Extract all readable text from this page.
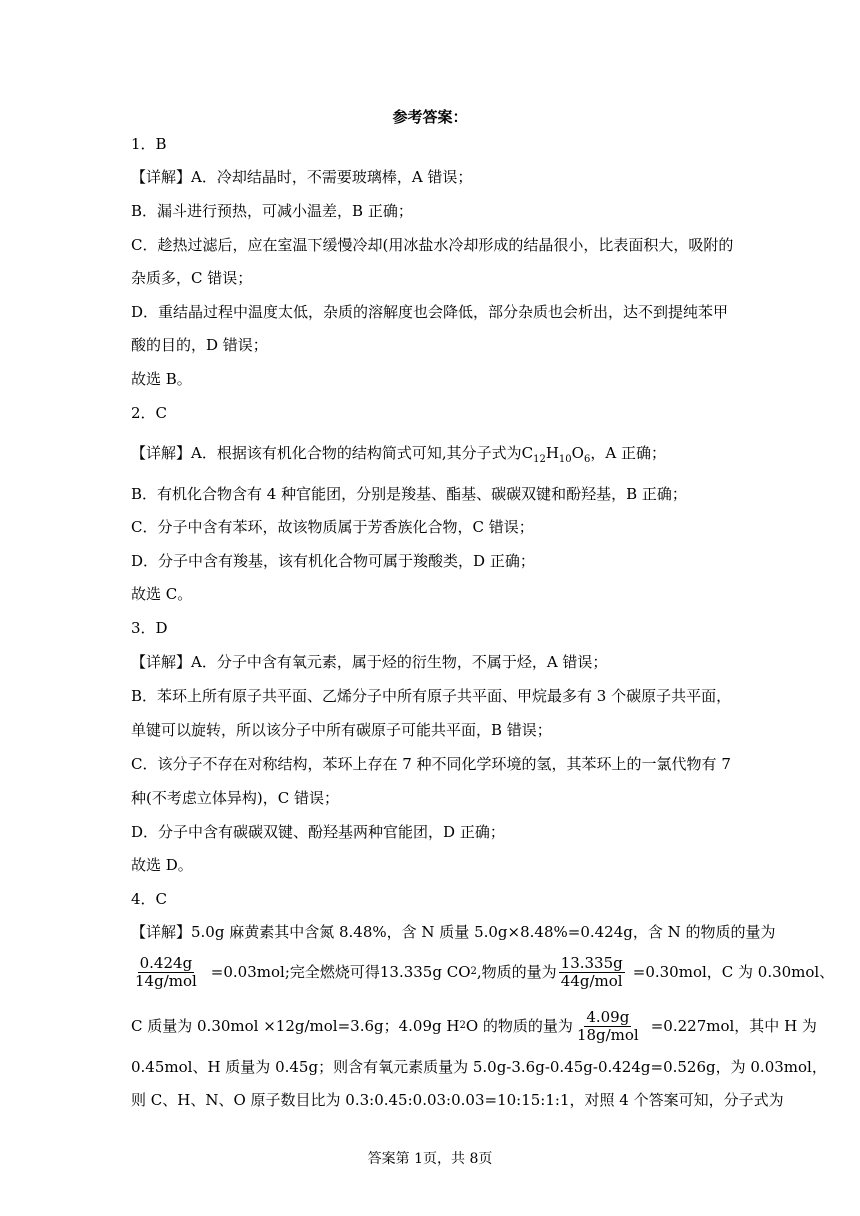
参考答案：
1．B
【详解】A．冷却结晶时，不需要玻璃棒，A 错误；
B．漏斗进行预热，可减小温差，B 正确；
C．趁热过滤后，应在室温下缓慢冷却(用冰盐水冷却形成的结晶很小，比表面积大，吸附的
杂质多，C 错误；
D．重结晶过程中温度太低，杂质的溶解度也会降低，部分杂质也会析出，达不到提纯苯甲
酸的目的，D 错误；
故选 B。
2．C
【详解】A．根据该有机化合物的结构简式可知,其分子式为$C_{12}H_{10}O_6$，A 正确；
B．有机化合物含有 4 种官能团，分别是羧基、酯基、碳碳双键和酚羟基，B 正确；
C．分子中含有苯环，故该物质属于芳香族化合物，C 错误；
D．分子中含有羧基，该有机化合物可属于羧酸类，D 正确；
故选 C。
3．D
【详解】A．分子中含有氧元素，属于烃的衍生物，不属于烃，A 错误；
B．苯环上所有原子共平面、乙烯分子中所有原子共平面、甲烷最多有 3 个碳原子共平面，
单键可以旋转，所以该分子中所有碳原子可能共平面，B 错误；
C．该分子不存在对称结构，苯环上存在 7 种不同化学环境的氢，其苯环上的一氯代物有 7
种(不考虑立体异构)，C 错误；
D．分子中含有碳碳双键、酚羟基两种官能团，D 正确；
故选 D。
4．C
【详解】5.0g 麻黄素其中含氮 8.48%，含 N 质量 5.0g×8.48%=0.424g，含 N 的物质的量为
$\frac{0.424g}{\text{14g/mol}} =0.03mol$;完全燃烧可得13.335g CO 2 ,物质的量为 $\frac{13.335g}{\text{44g/mol}} =0.30mol$，C 为 0.30mol、
C 质量为 0.30mol ×12g/mol=3.6g；4.09g H 2 O 的物质的量为 $\frac{4.09g}{\text{18g/mol}} =0.227mol$，其中 H 为
0.45mol、H 质量为 0.45g；则含有氧元素质量为 5.0g-3.6g-0.45g-0.424g=0.526g，为 0.03mol，
则 C、H、N、O 原子数目比为 0.3:0.45:0.03:0.03=10:15:1:1，对照 4 个答案可知，分子式为
答案第 1页，共 8页
